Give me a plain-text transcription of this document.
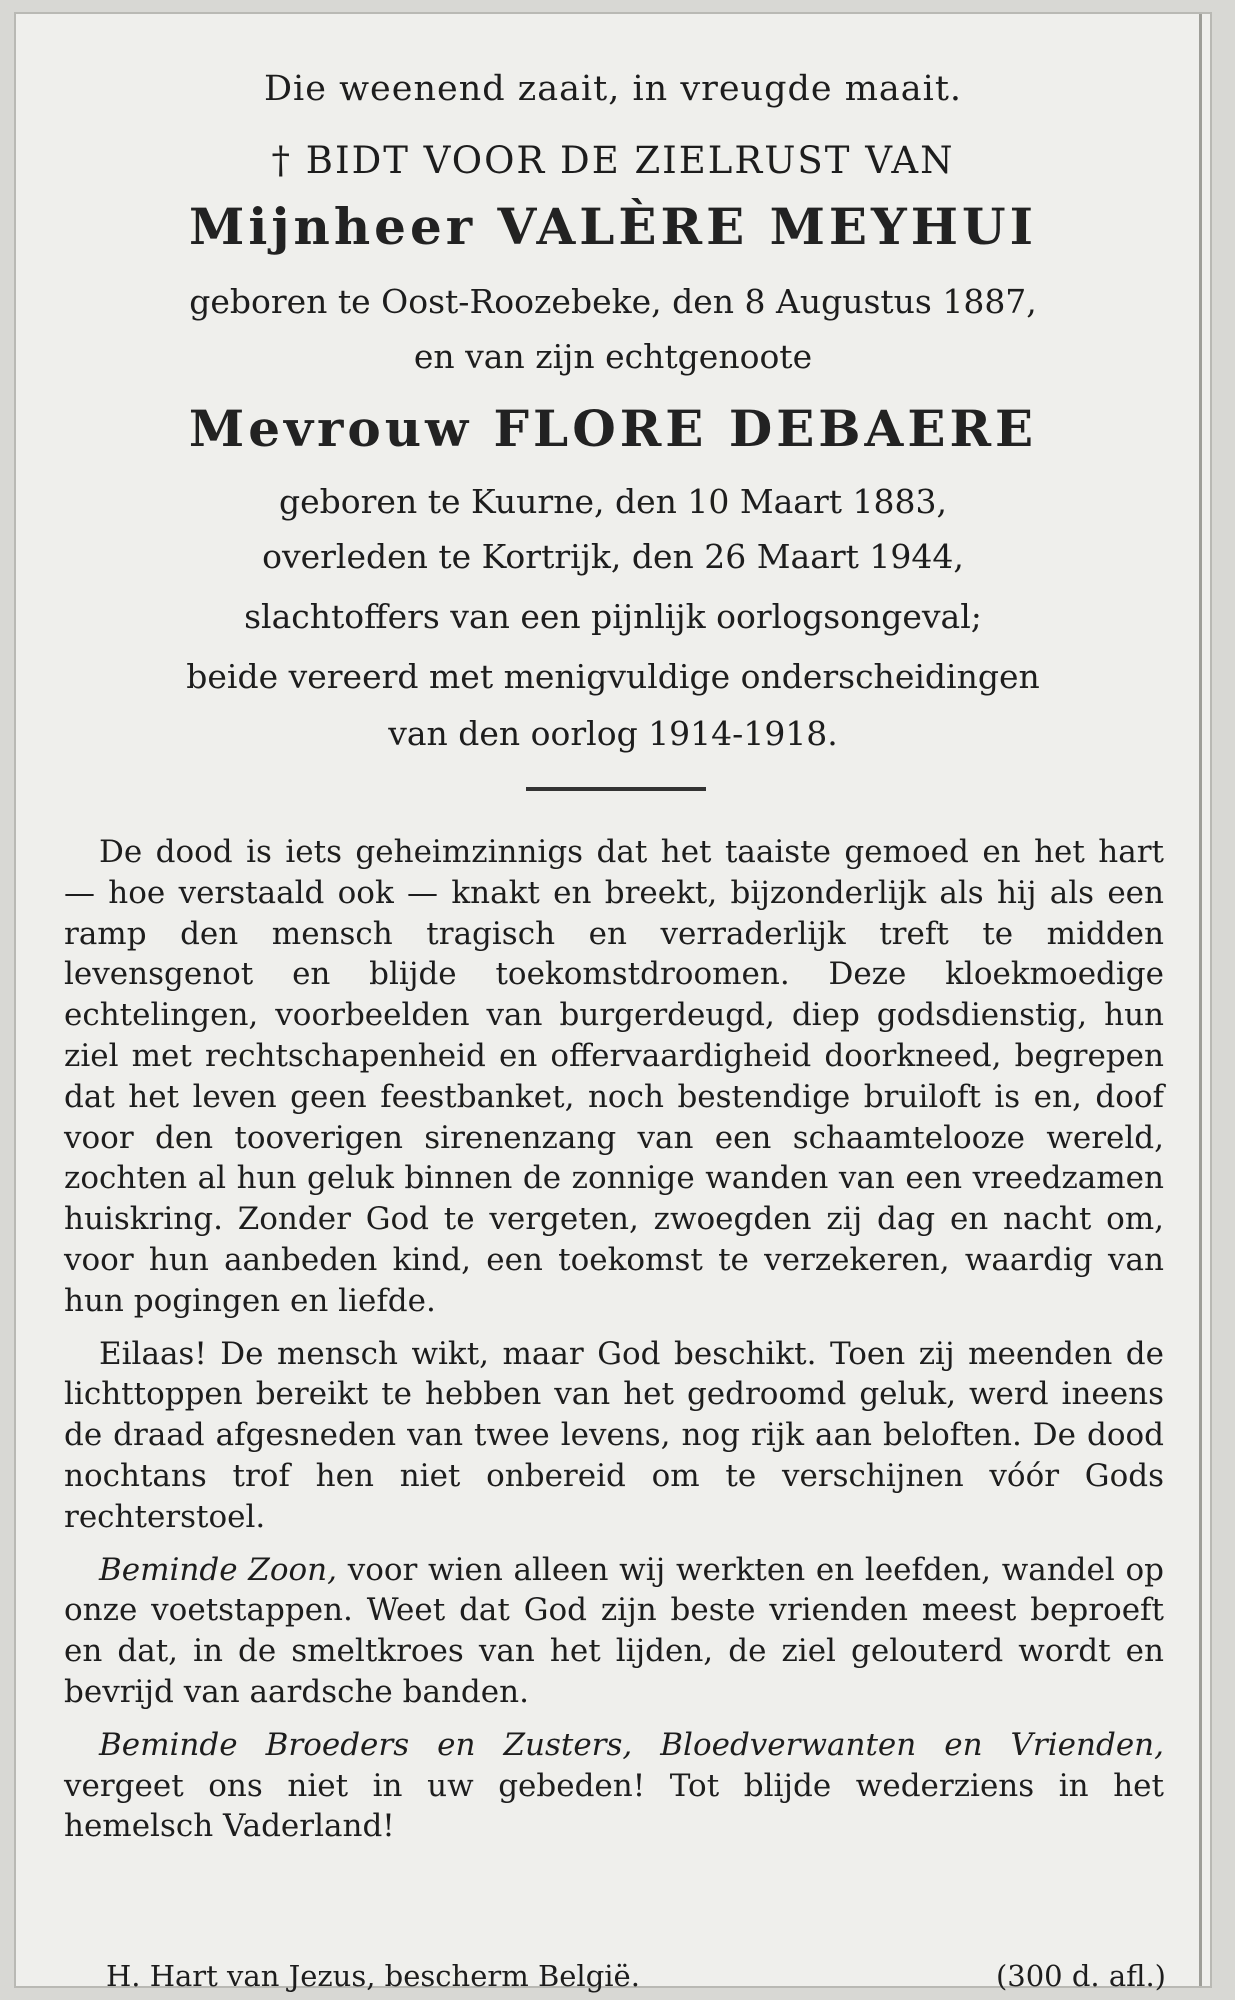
Die weenend zaait, in vreugde maait.
† BIDT VOOR DE ZIELRUST VAN
Mijnheer VALÈRE MEYHUI
geboren te Oost-Roozebeke, den 8 Augustus 1887,
en van zijn echtgenoote
Mevrouw FLORE DEBAERE
geboren te Kuurne, den 10 Maart 1883,
overleden te Kortrijk, den 26 Maart 1944,
slachtoffers van een pijnlijk oorlogsongeval;
beide vereerd met menigvuldige onderscheidingen
van den oorlog 1914-1918.

De dood is iets geheimzinnigs dat het taaiste gemoed en het hart — hoe verstaald ook — knakt en breekt, bijzonderlijk als hij als een ramp den mensch tragisch en verraderlijk treft te midden levensgenot en blijde toekomstdroomen. Deze kloekmoedige echtelingen, voorbeelden van burgerdeugd, diep godsdienstig, hun ziel met rechtschapenheid en offervaardigheid doorkneed, begrepen dat het leven geen feestbanket, noch bestendige bruiloft is en, doof voor den tooverigen sirenenzang van een schaamtelooze wereld, zochten al hun geluk binnen de zonnige wanden van een vreedzamen huiskring. Zonder God te vergeten, zwoegden zij dag en nacht om, voor hun aanbeden kind, een toekomst te verzekeren, waardig van hun pogingen en liefde.

Eilaas! De mensch wikt, maar God beschikt. Toen zij meenden de lichttoppen bereikt te hebben van het gedroomd geluk, werd ineens de draad afgesneden van twee levens, nog rijk aan beloften. De dood nochtans trof hen niet onbereid om te verschijnen vóór Gods rechterstoel.

Beminde Zoon, voor wien alleen wij werkten en leefden, wandel op onze voetstappen. Weet dat God zijn beste vrienden meest beproeft en dat, in de smeltkroes van het lijden, de ziel gelouterd wordt en bevrijd van aardsche banden.

Beminde Broeders en Zusters, Bloedverwanten en Vrienden, vergeet ons niet in uw gebeden! Tot blijde wederziens in het hemelsch Vaderland!

H. Hart van Jezus, bescherm België.	(300 d. afl.)
